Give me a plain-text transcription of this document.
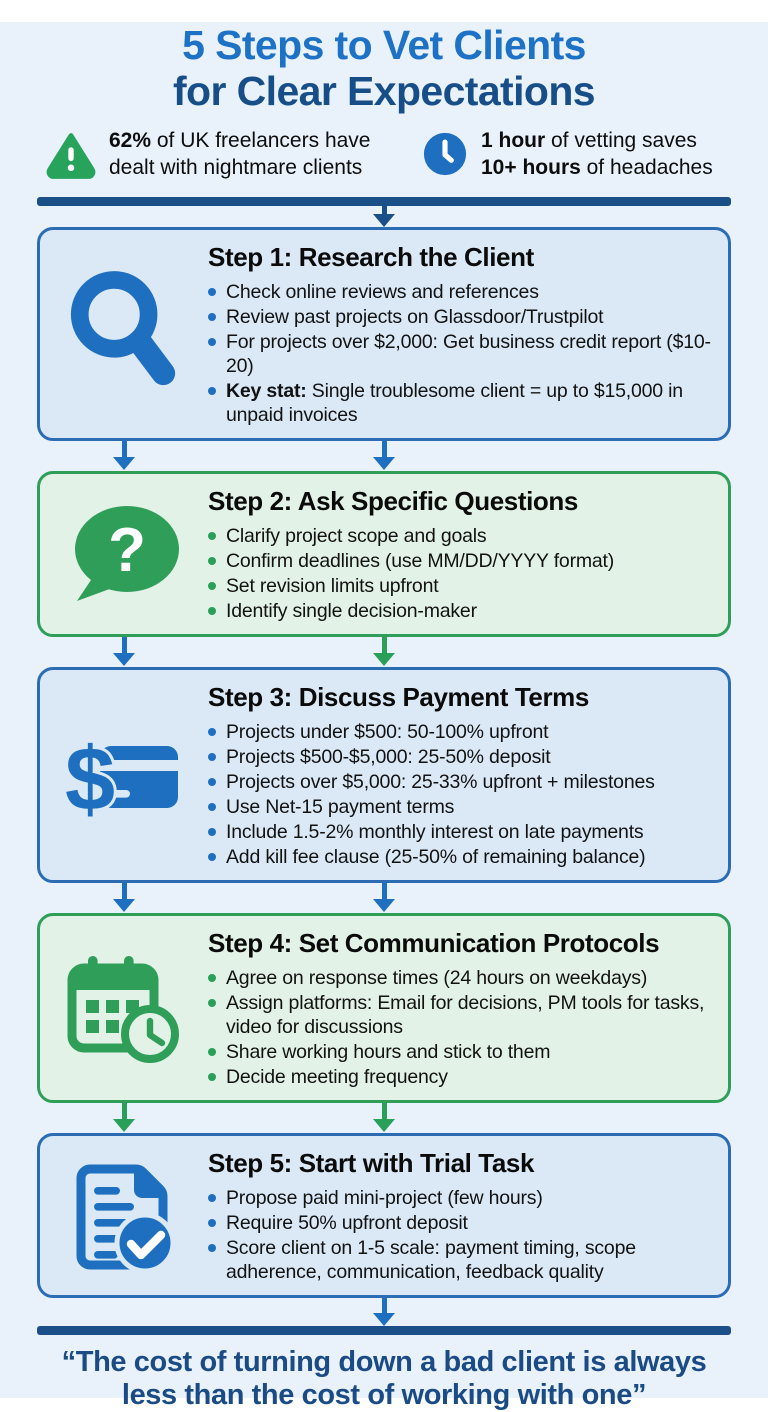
5 Steps to Vet Clients
for Clear Expectations
62% of UK freelancers have
dealt with nightmare clients
1 hour of vetting saves
10+ hours of headaches
Step 1: Research the Client
Check online reviews and references
Review past projects on Glassdoor/Trustpilot
For projects over $2,000: Get business credit report ($10-20)
Key stat: Single troublesome client = up to $15,000 in unpaid invoices
?
Step 2: Ask Specific Questions
Clarify project scope and goals
Confirm deadlines (use MM/DD/YYYY format)
Set revision limits upfront
Identify single decision-maker
$
Step 3: Discuss Payment Terms
Projects under $500: 50-100% upfront
Projects $500-$5,000: 25-50% deposit
Projects over $5,000: 25-33% upfront + milestones
Use Net-15 payment terms
Include 1.5-2% monthly interest on late payments
Add kill fee clause (25-50% of remaining balance)
Step 4: Set Communication Protocols
Agree on response times (24 hours on weekdays)
Assign platforms: Email for decisions, PM tools for tasks, video for discussions
Share working hours and stick to them
Decide meeting frequency
Step 5: Start with Trial Task
Propose paid mini-project (few hours)
Require 50% upfront deposit
Score client on 1-5 scale: payment timing, scope adherence, communication, feedback quality
“The cost of turning down a bad client is always
less than the cost of working with one”
